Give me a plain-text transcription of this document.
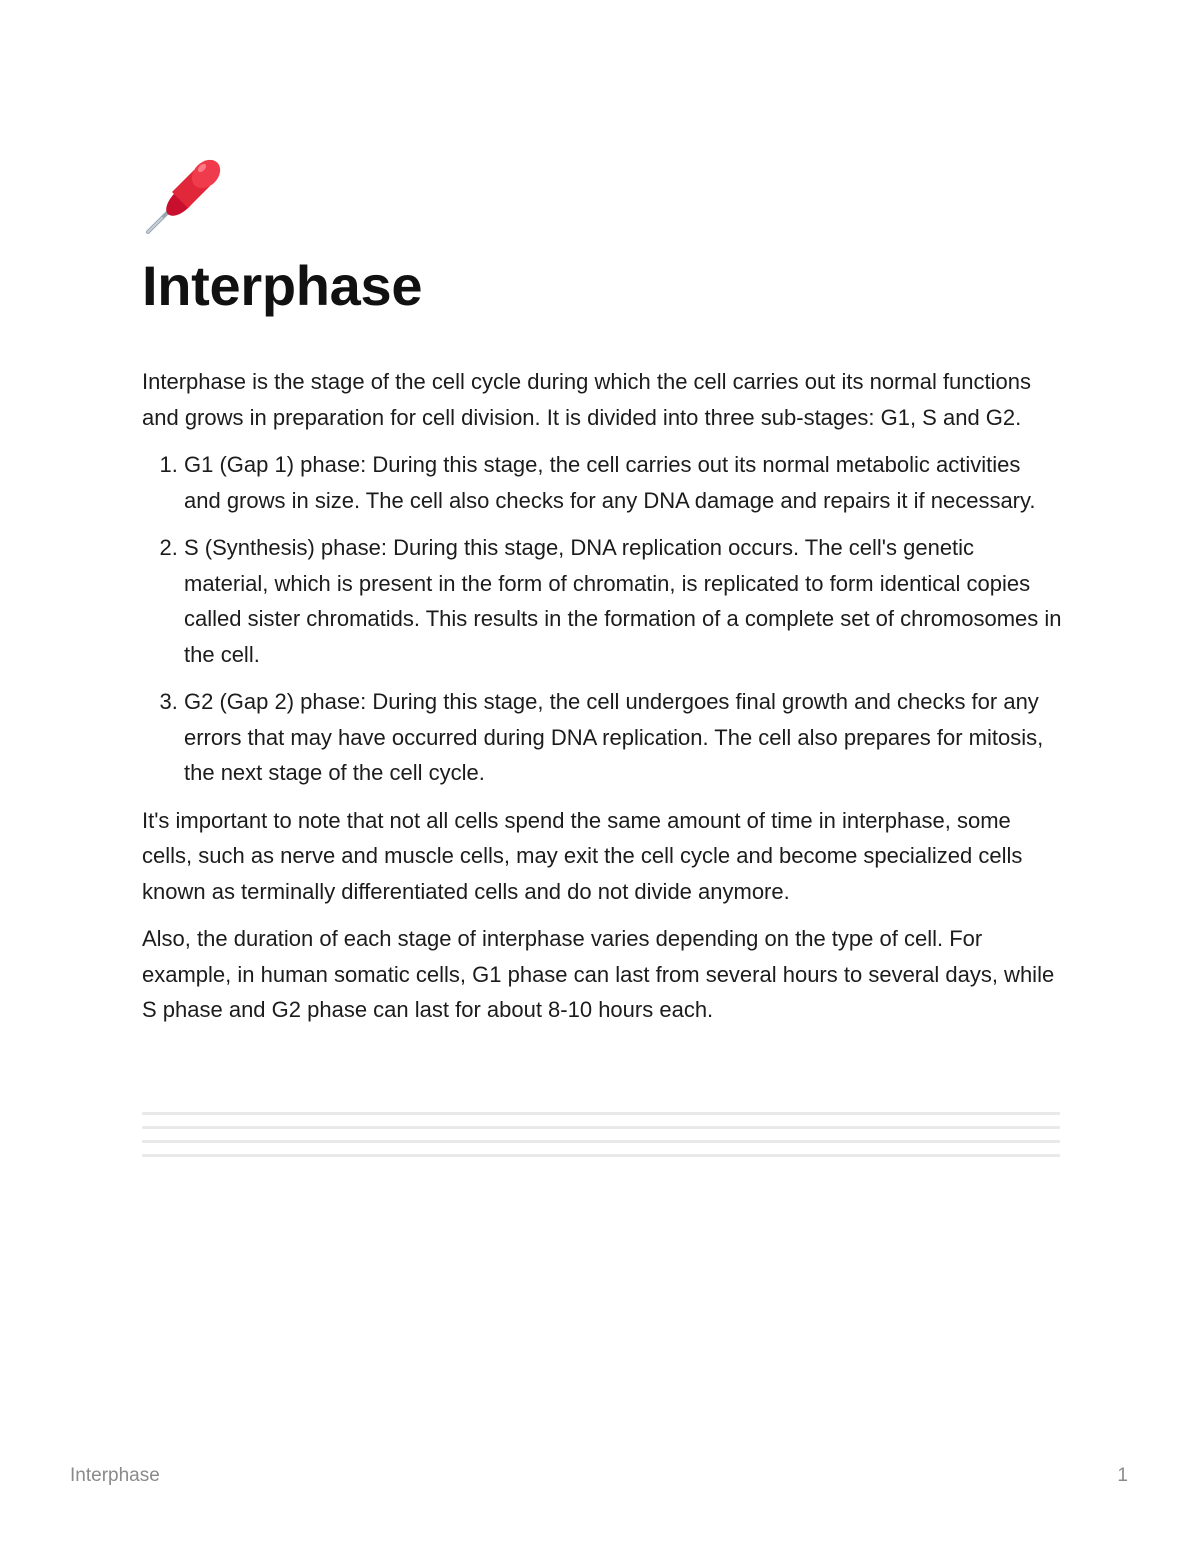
Interphase

Interphase is the stage of the cell cycle during which the cell carries out its normal functions and grows in preparation for cell division. It is divided into three sub-stages: G1, S and G2.

1. G1 (Gap 1) phase: During this stage, the cell carries out its normal metabolic activities and grows in size. The cell also checks for any DNA damage and repairs it if necessary.
2. S (Synthesis) phase: During this stage, DNA replication occurs. The cell's genetic material, which is present in the form of chromatin, is replicated to form identical copies called sister chromatids. This results in the formation of a complete set of chromosomes in the cell.
3. G2 (Gap 2) phase: During this stage, the cell undergoes final growth and checks for any errors that may have occurred during DNA replication. The cell also prepares for mitosis, the next stage of the cell cycle.

It's important to note that not all cells spend the same amount of time in interphase, some cells, such as nerve and muscle cells, may exit the cell cycle and become specialized cells known as terminally differentiated cells and do not divide anymore.

Also, the duration of each stage of interphase varies depending on the type of cell. For example, in human somatic cells, G1 phase can last from several hours to several days, while S phase and G2 phase can last for about 8-10 hours each.

Interphase	1
